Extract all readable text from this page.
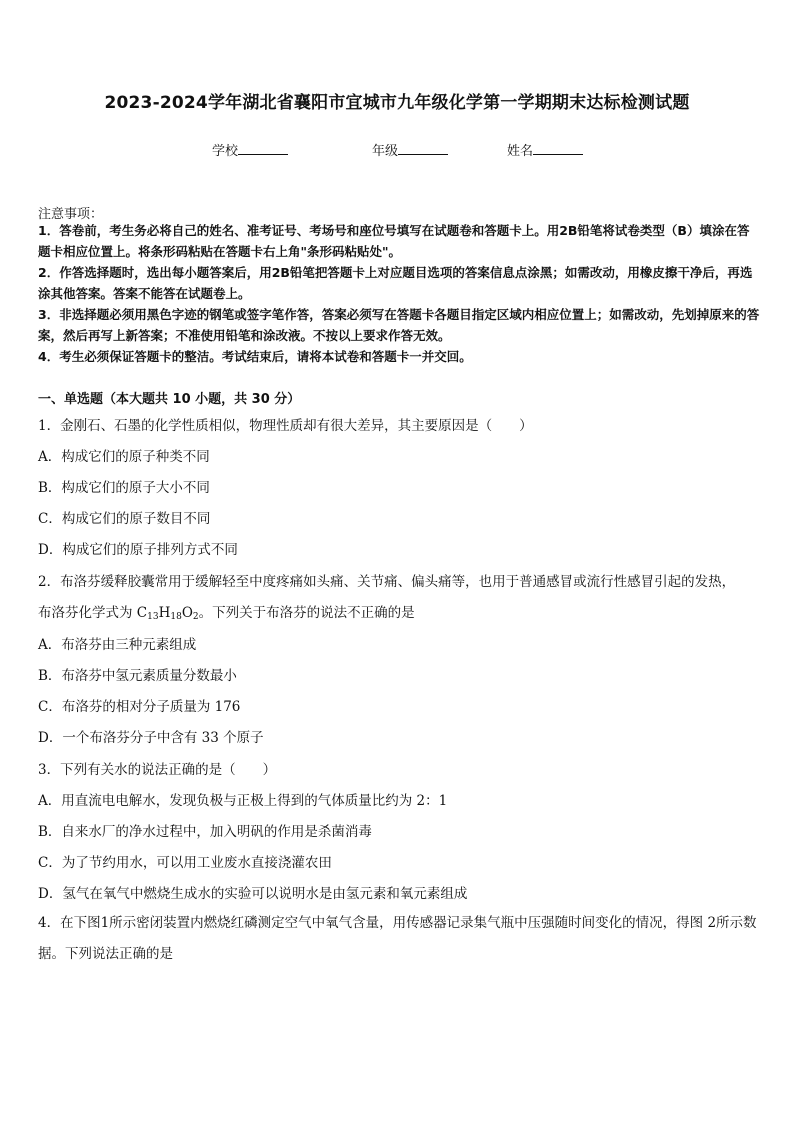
2023-2024学年湖北省襄阳市宜城市九年级化学第一学期期末达标检测试题
学校	年级	姓名
注意事项：
1．答卷前，考生务必将自己的姓名、准考证号、考场号和座位号填写在试题卷和答题卡上。用2B铅笔将试卷类型（B）填涂在答题卡相应位置上。将条形码粘贴在答题卡右上角"条形码粘贴处"。
2．作答选择题时，选出每小题答案后，用2B铅笔把答题卡上对应题目选项的答案信息点涂黑；如需改动，用橡皮擦干净后，再选涂其他答案。答案不能答在试题卷上。
3．非选择题必须用黑色字迹的钢笔或签字笔作答，答案必须写在答题卡各题目指定区域内相应位置上；如需改动，先划掉原来的答案，然后再写上新答案；不准使用铅笔和涂改液。不按以上要求作答无效。
4．考生必须保证答题卡的整洁。考试结束后，请将本试卷和答题卡一并交回。
一、单选题（本大题共 10 小题，共 30 分）
1．金刚石、石墨的化学性质相似，物理性质却有很大差异，其主要原因是（　　）
A．构成它们的原子种类不同
B．构成它们的原子大小不同
C．构成它们的原子数目不同
D．构成它们的原子排列方式不同
2．布洛芬缓释胶囊常用于缓解轻至中度疼痛如头痛、关节痛、偏头痛等，也用于普通感冒或流行性感冒引起的发热，
布洛芬化学式为 $C_{13}H_{18}O_2$。下列关于布洛芬的说法不正确的是
A．布洛芬由三种元素组成
B．布洛芬中氢元素质量分数最小
C．布洛芬的相对分子质量为 176
D．一个布洛芬分子中含有 33 个原子
3．下列有关水的说法正确的是（　　）
A．用直流电电解水，发现负极与正极上得到的气体质量比约为 2：1
B．自来水厂的净水过程中，加入明矾的作用是杀菌消毒
C．为了节约用水，可以用工业废水直接浇灌农田
D．氢气在氧气中燃烧生成水的实验可以说明水是由氢元素和氧元素组成
4．在下图1所示密闭装置内燃烧红磷测定空气中氧气含量，用传感器记录集气瓶中压强随时间变化的情况，得图 2所示数据。下列说法正确的是
